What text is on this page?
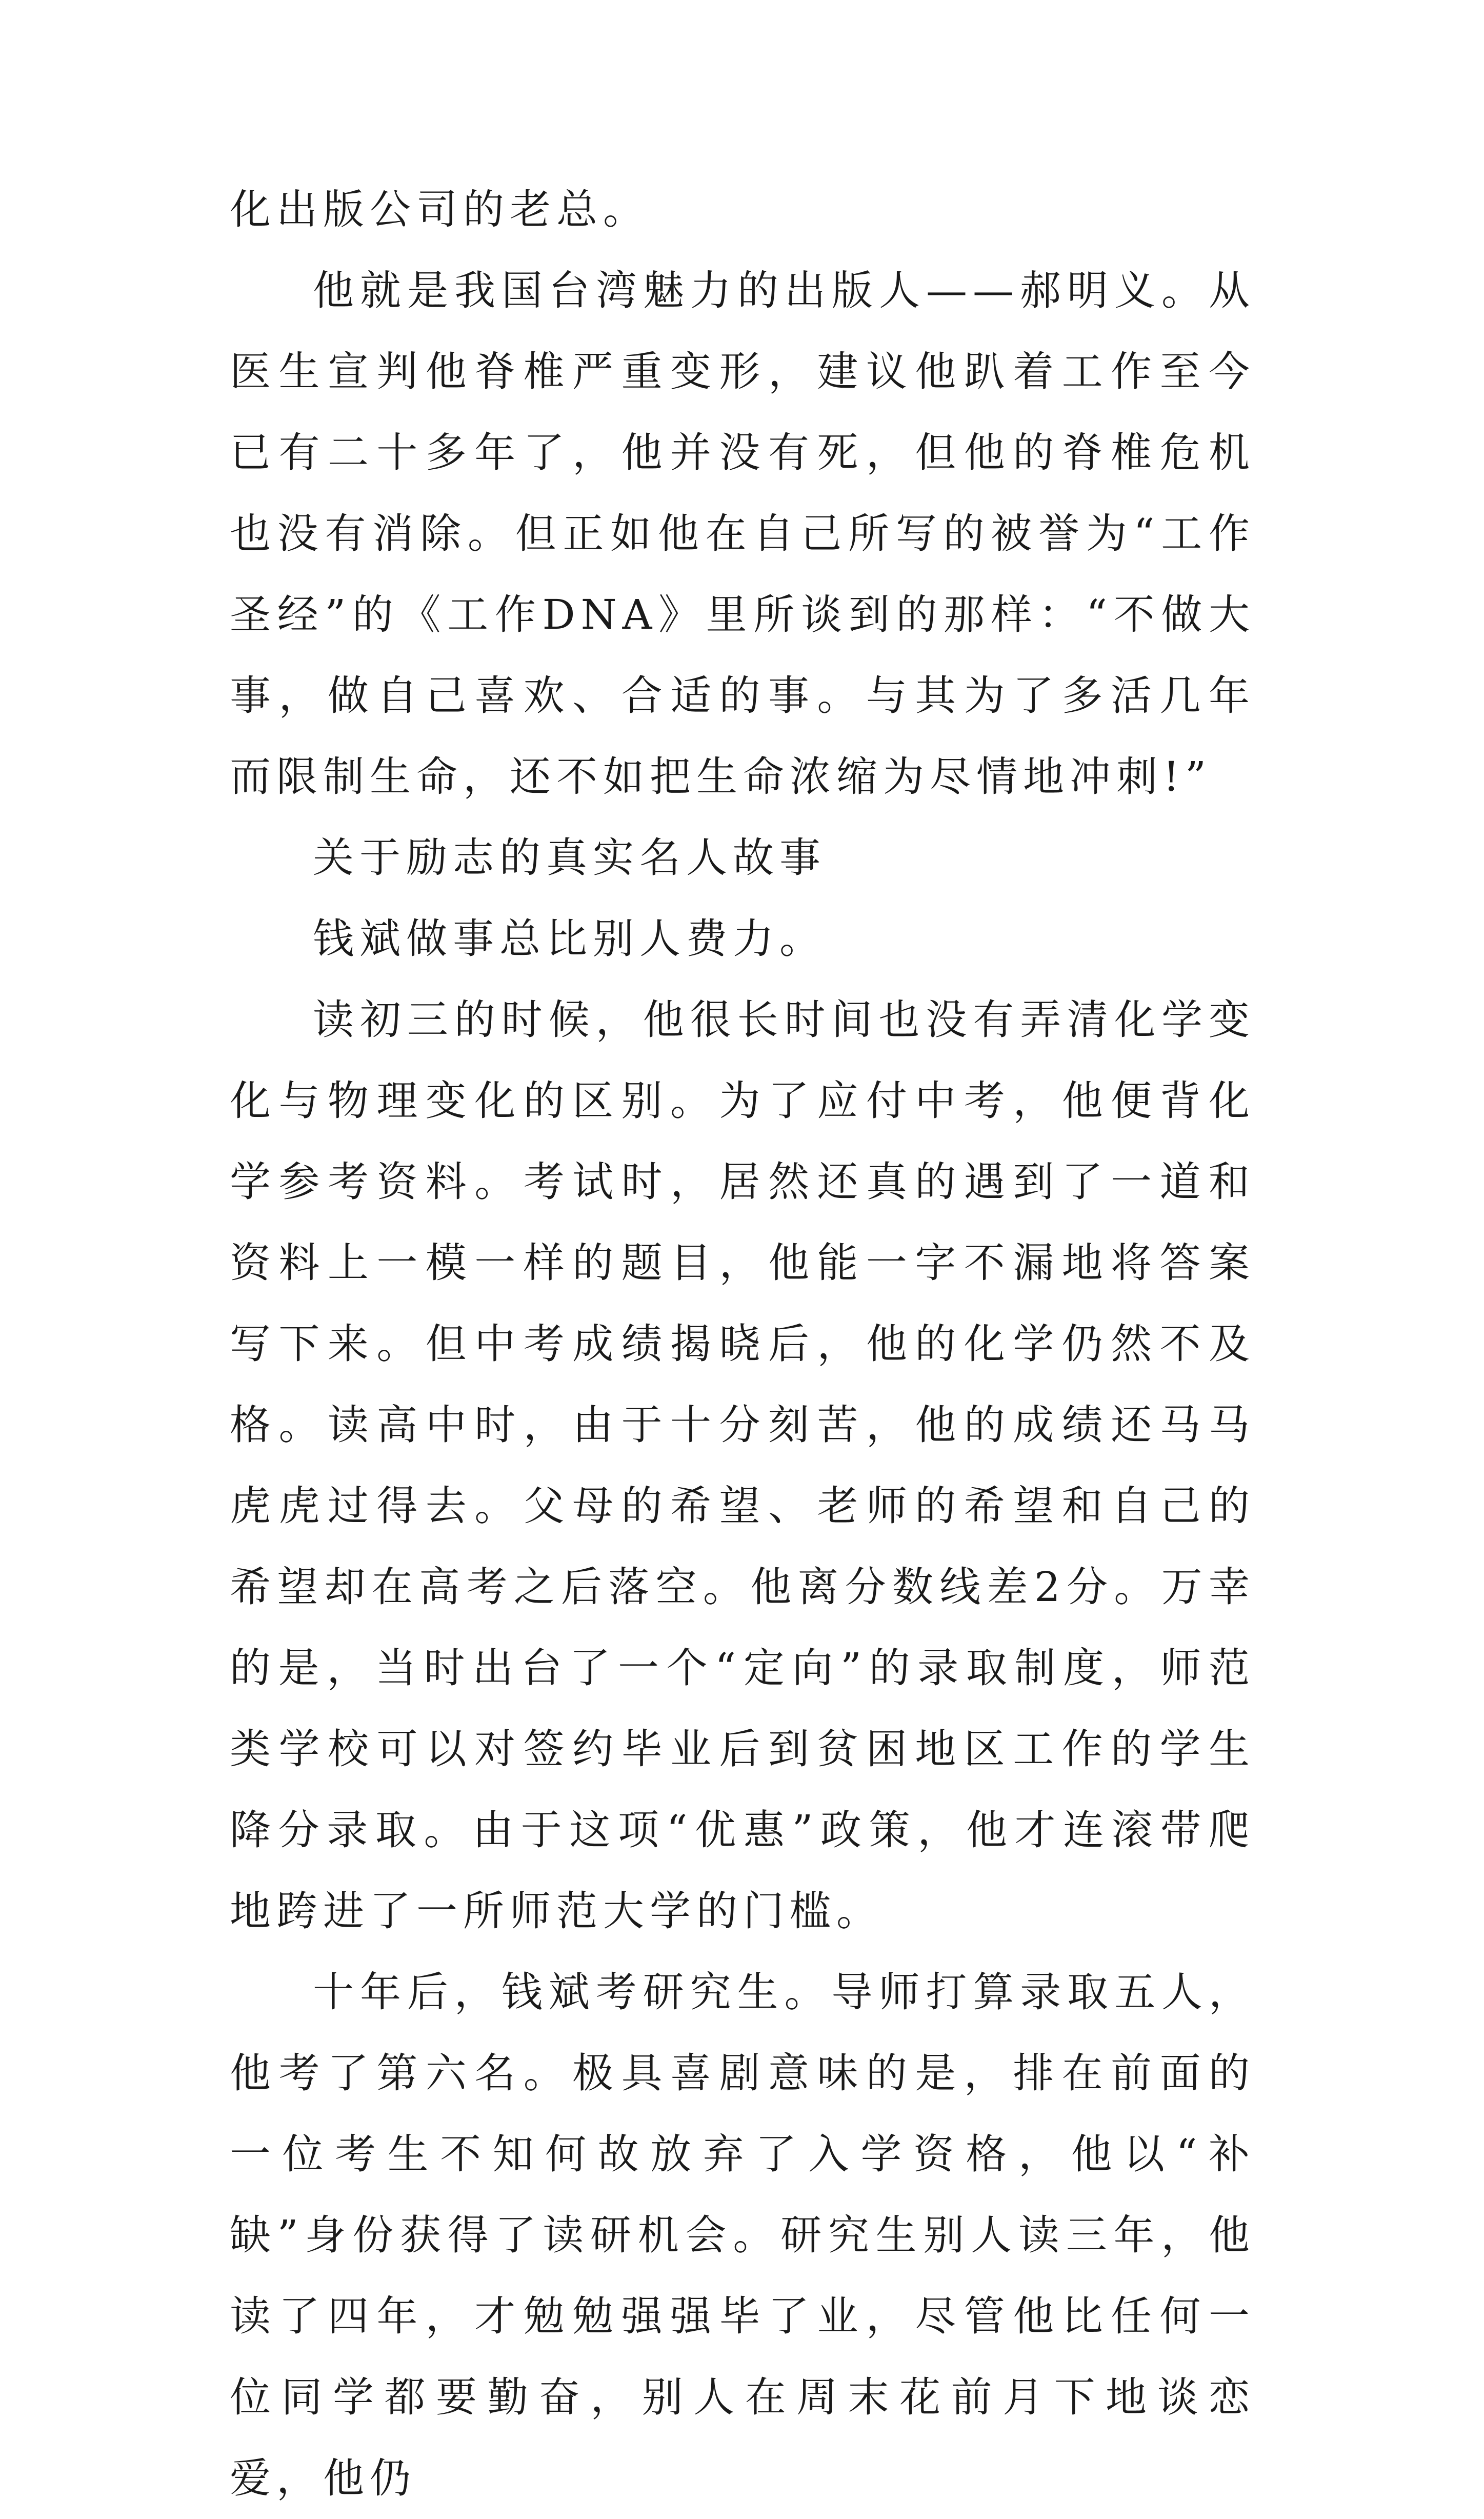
化出版公司的老总。

他就是我国台湾魅力的出版人——郝明义。从医生宣判他脊椎严重变形，建议他趴着工作至今已有二十多年了，他并没有死，但他的脊椎危机也没有消除。但正如他在自己所写的被誉为“工作圣经”的《工作DNA》里所谈到的那样：“不做大事，做自己喜欢、合适的事。与其为了多活几年而限制生命，还不如把生命浓缩为尽情地冲刺!”

关于励志的真实名人故事

钱斌做事总比别人费力。

读初三的时候，他很长时间也没有弄清化学变化与物理变化的区别。为了应付中考，他便背化学参考资料。考试时，居然还真的遇到了一道和资料上一模一样的题目，他能一字不漏地将答案写下来。但中考成绩揭晓后，他的化学仍然不及格。读高中时，由于十分刻苦，他的成绩还马马虎虎过得去。父母的希望、老师的希望和自己的希望却在高考之后落空。他离分数线差2分。万幸的是，当时出台了一个“定向”的录取制度，师范类学校可以对签约毕业后到贫困地区工作的学生降分录取。由于这项“优惠”政策，他才连滚带爬地跨进了一所师范大学的门槛。

十年后，钱斌考研究生。导师打算录取五人，他考了第六名。极具喜剧意味的是，排在前面的一位考生不知何故放弃了入学资格，他以“补缺”身份获得了读研机会。研究生别人读三年，他读了四年，才勉勉强强毕了业，尽管他比任何一位同学都要勤奋，别人在周末花前月下地谈恋爱，他仍
